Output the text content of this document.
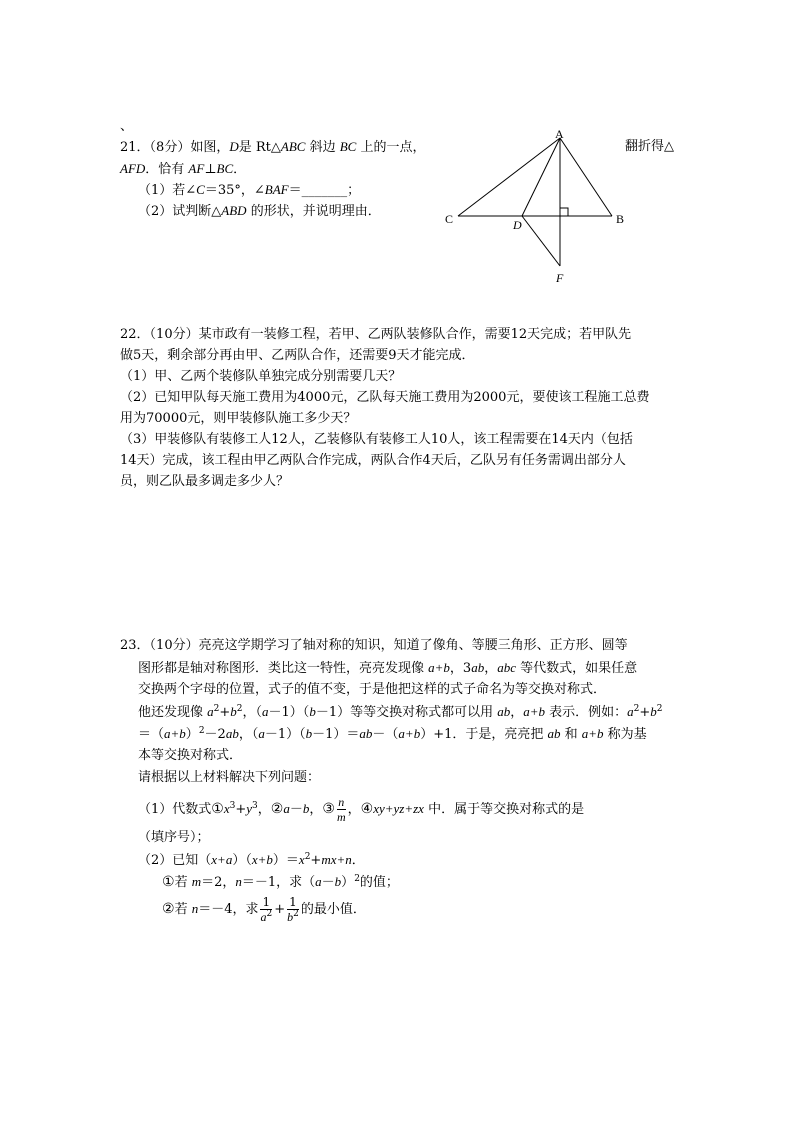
、
21．（8分）如图，D是 Rt△ABC 斜边 BC 上的一点，	翻折得△
AFD．恰有 AF⊥BC．
（1）若∠C＝35°，∠BAF＝_______；
（2）试判断△ABD 的形状，并说明理由．
A
B
C	D
F
22．（10分）某市政有一装修工程，若甲、乙两队装修队合作，需要12天完成；若甲队先
做5天，剩余部分再由甲、乙两队合作，还需要9天才能完成．
（1）甲、乙两个装修队单独完成分别需要几天？
（2）已知甲队每天施工费用为4000元，乙队每天施工费用为2000元，要使该工程施工总费
用为70000元，则甲装修队施工多少天？
（3）甲装修队有装修工人12人，乙装修队有装修工人10人，该工程需要在14天内（包括
14天）完成，该工程由甲乙两队合作完成，两队合作4天后，乙队另有任务需调出部分人
员，则乙队最多调走多少人？
23．（10分）亮亮这学期学习了轴对称的知识，知道了像角、等腰三角形、正方形、圆等
图形都是轴对称图形．类比这一特性，亮亮发现像 a+b，3ab，abc 等代数式，如果任意
交换两个字母的位置，式子的值不变，于是他把这样的式子命名为等交换对称式．
他还发现像 $a^2+b^2$，（a－1）（b－1）等等交换对称式都可以用 ab，a+b 表示．例如：$a^2+b^2$
$=(a+b)^2-2ab$，（a－1）（b－1）＝ab－（a+b）+1．于是，亮亮把 ab 和 a+b 称为基
本等交换对称式．
请根据以上材料解决下列问题：
（1）代数式$①x^3+y^3$，②a－b，③ $\frac{n}{m}$ ，④xy+yz+zx 中．属于等交换对称式的是
（填序号）；
（2）已知$(x+a)(x+b)=x^2+mx+n$．
①若 m＝2，n＝－1，求$(a-b)^2$的值；
②若 n＝－4，求 $\frac{1}{a^2} + \frac{1}{b^2}$ 的最小值．
